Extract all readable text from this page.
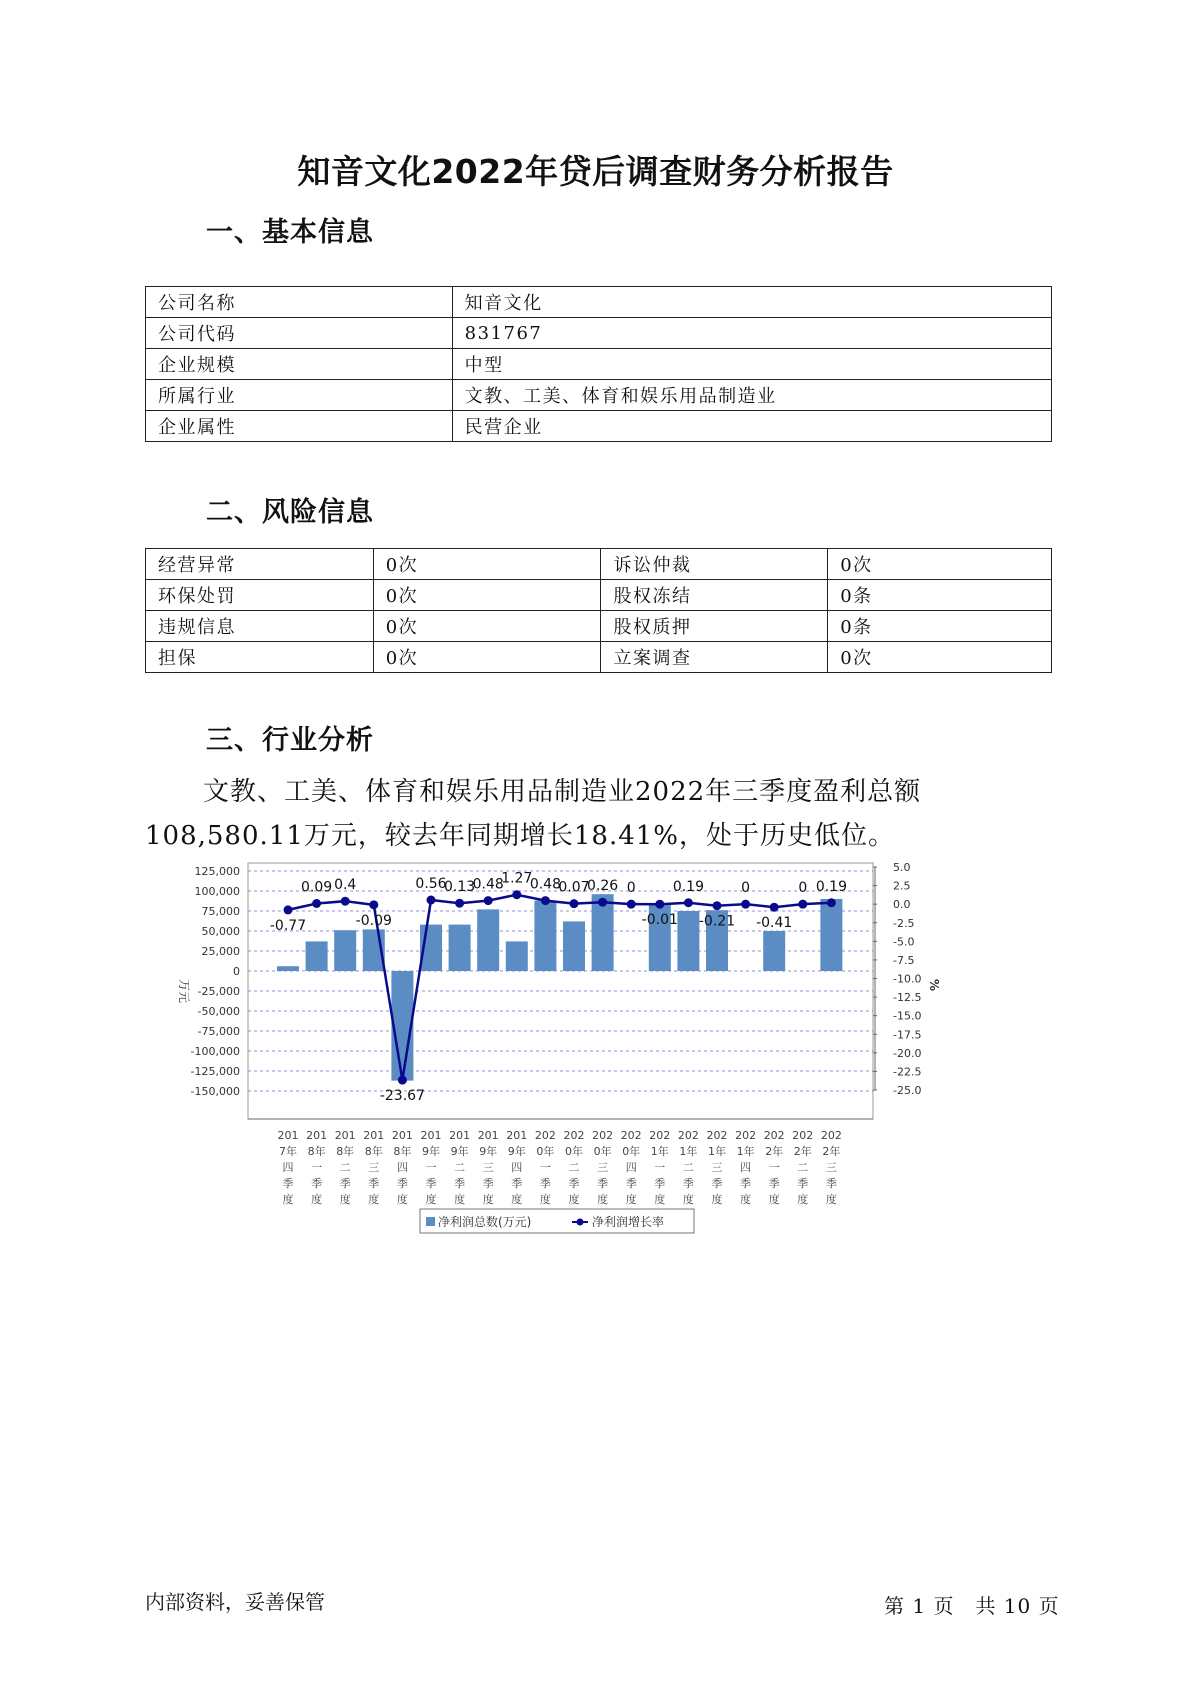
知音文化2022年贷后调查财务分析报告
一、基本信息
公司名称	知音文化
公司代码	831767
企业规模	中型
所属行业	文教、工美、体育和娱乐用品制造业
企业属性	民营企业
二、风险信息
经营异常	0次	诉讼仲裁	0次
环保处罚	0次	股权冻结	0条
违规信息	0次	股权质押	0条
担保	0次	立案调查	0次
三、行业分析

文教、工美、体育和娱乐用品制造业2022年三季度盈利总额108,580.11万元，较去年同期增长18.41%，处于历史低位。

125,000
100,000
75,000
50,000
25,000
0
-25,000
-50,000
-75,000
-100,000
-125,000
-150,000
5.0
2.5
0.0
-2.5
-5.0
-7.5
-10.0
-12.5
-15.0
-17.5
-20.0
-22.5
-25.0
万元	%
-0.77
0.09 0.4
-0.09
-23.67
0.56
0.13
0.48
1.27
0.48
0.07
0.26 0
-0.01
0.19
-0.21
0
-0.41
0 0.19
201 7年四季度
201 8年一季度
201 8年二季度
201 8年三季度
201 8年四季度
201 9年一季度
201 9年二季度
201 9年三季度
201 9年四季度
202 0年一季度
202 0年二季度
202 0年三季度
202 0年四季度
202 1年一季度
202 1年二季度
202 1年三季度
202 1年四季度
202 2年一季度
202 2年二季度
202 2年三季度
净利润总数(万元)	净利润增长率
内部资料，妥善保管	第 1 页　共 10 页
